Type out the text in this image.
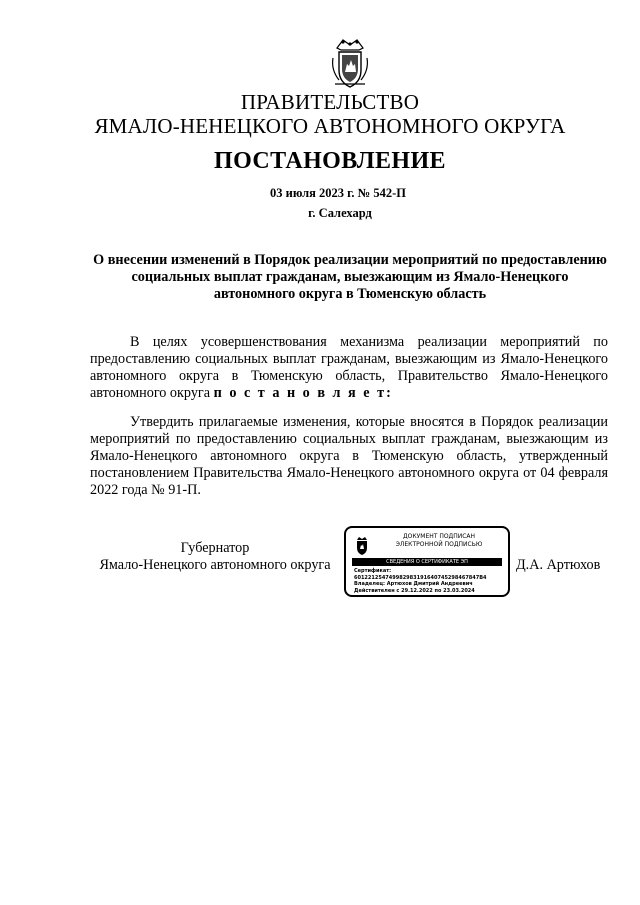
ПРАВИТЕЛЬСТВО
ЯМАЛО-НЕНЕЦКОГО АВТОНОМНОГО ОКРУГА
ПОСТАНОВЛЕНИЕ
03 июля 2023 г. № 542-П
г. Салехард
О внесении изменений в Порядок реализации мероприятий по предоставлению социальных выплат гражданам, выезжающим из Ямало-Ненецкого автономного округа в Тюменскую область
В целях усовершенствования механизма реализации мероприятий по предоставлению социальных выплат гражданам, выезжающим из Ямало-Ненецкого автономного округа в Тюменскую область, Правительство Ямало-Ненецкого автономного округа п о с т а н о в л я е т:
Утвердить прилагаемые изменения, которые вносятся в Порядок реализации мероприятий по предоставлению социальных выплат гражданам, выезжающим из Ямало-Ненецкого автономного округа в Тюменскую область, утвержденный постановлением Правительства Ямало-Ненецкого автономного округа от 04 февраля 2022 года № 91-П.
Губернатор
Ямало-Ненецкого автономного округа
ДОКУМЕНТ ПОДПИСАН
ЭЛЕКТРОННОЙ ПОДПИСЬЮ
СВЕДЕНИЯ О СЕРТИФИКАТЕ ЭП
Сертификат:
601221254749982983191640745298467847B4
Владелец: Артюхов Дмитрий Андреевич
Действителен с 29.12.2022 по 23.03.2024
Д.А. Артюхов
